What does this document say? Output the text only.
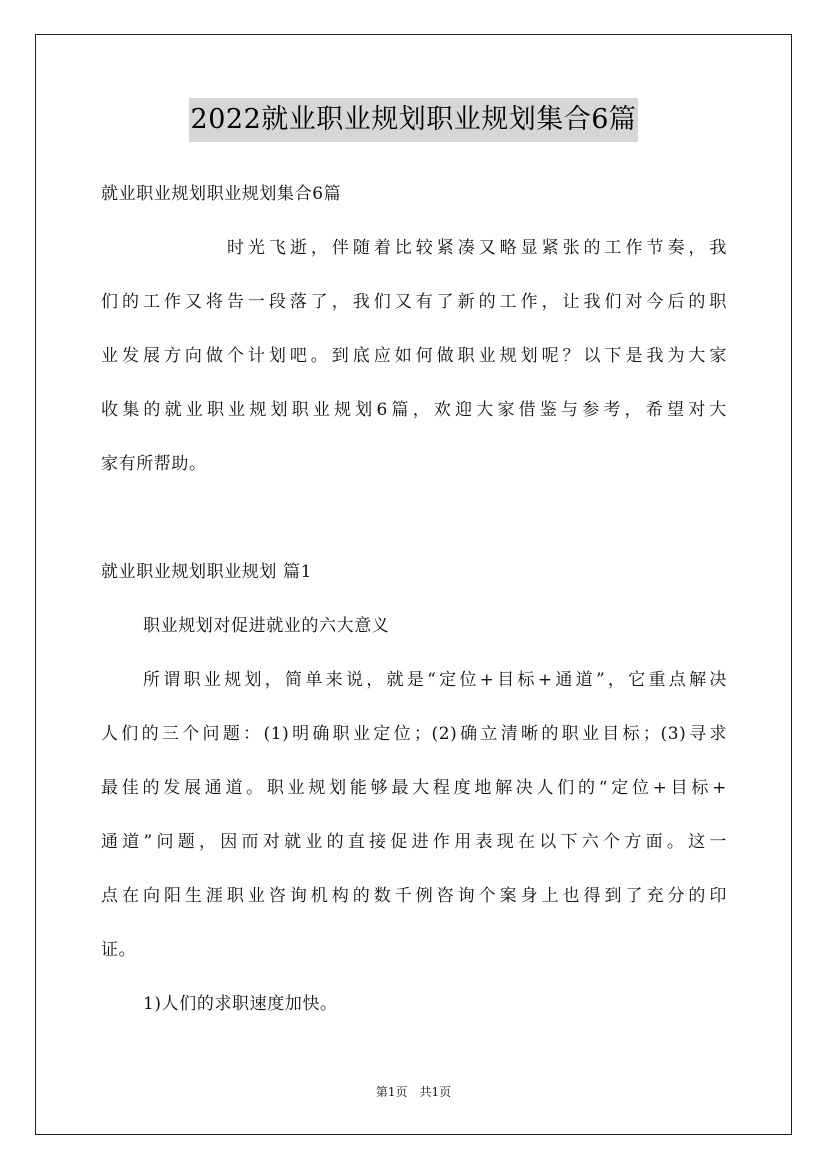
2022就业职业规划职业规划集合6篇
就业职业规划职业规划集合6篇
时光飞逝，伴随着比较紧凑又略显紧张的工作节奏，我
们的工作又将告一段落了，我们又有了新的工作，让我们对今后的职
业发展方向做个计划吧。到底应如何做职业规划呢？以下是我为大家
收集的就业职业规划职业规划6篇，欢迎大家借鉴与参考，希望对大
家有所帮助。
就业职业规划职业规划 篇1
职业规划对促进就业的六大意义
所谓职业规划，简单来说，就是“定位+目标+通道”，它重点解决
人们的三个问题：(1)明确职业定位；(2)确立清晰的职业目标；(3)寻求
最佳的发展通道。职业规划能够最大程度地解决人们的“定位+目标+
通道”问题，因而对就业的直接促进作用表现在以下六个方面。这一
点在向阳生涯职业咨询机构的数千例咨询个案身上也得到了充分的印
证。
1)人们的求职速度加快。
第1页　共1页
